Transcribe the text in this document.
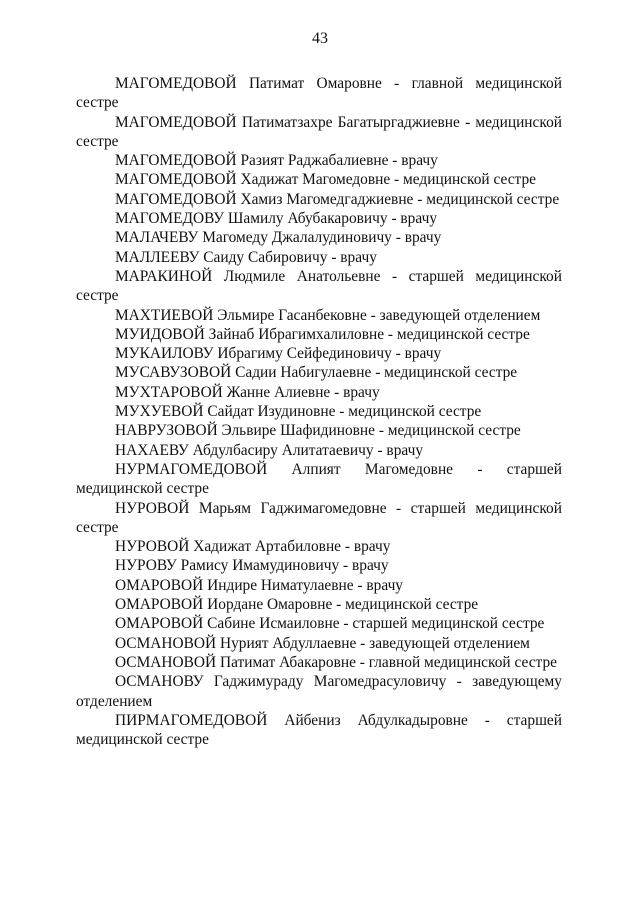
43

МАГОМЕДОВОЙ Патимат Омаровне - главной медицинской сестре

МАГОМЕДОВОЙ Патиматзахре Багатыргаджиевне - медицинской сестре

МАГОМЕДОВОЙ Разият Раджабалиевне - врачу

МАГОМЕДОВОЙ Хадижат Магомедовне - медицинской сестре

МАГОМЕДОВОЙ Хамиз Магомедгаджиевне - медицинской сестре

МАГОМЕДОВУ Шамилу Абубакаровичу - врачу

МАЛАЧЕВУ Магомеду Джалалудиновичу - врачу

МАЛЛЕЕВУ Саиду Сабировичу - врачу

МАРАКИНОЙ Людмиле Анатольевне - старшей медицинской сестре

МАХТИЕВОЙ Эльмире Гасанбековне - заведующей отделением

МУИДОВОЙ Зайнаб Ибрагимхалиловне - медицинской сестре

МУКАИЛОВУ Ибрагиму Сейфединовичу - врачу

МУСАВУЗОВОЙ Садии Набигулаевне - медицинской сестре

МУХТАРОВОЙ Жанне Алиевне - врачу

МУХУЕВОЙ Сайдат Изудиновне - медицинской сестре

НАВРУЗОВОЙ Эльвире Шафидиновне - медицинской сестре

НАХАЕВУ Абдулбасиру Алитатаевичу - врачу

НУРМАГОМЕДОВОЙ Алпият Магомедовне - старшей медицинской сестре

НУРОВОЙ Марьям Гаджимагомедовне - старшей медицинской сестре

НУРОВОЙ Хадижат Артабиловне - врачу

НУРОВУ Рамису Имамудиновичу - врачу

ОМАРОВОЙ Индире Ниматулаевне - врачу

ОМАРОВОЙ Иордане Омаровне - медицинской сестре

ОМАРОВОЙ Сабине Исмаиловне - старшей медицинской сестре

ОСМАНОВОЙ Нурият Абдуллаевне - заведующей отделением

ОСМАНОВОЙ Патимат Абакаровне - главной медицинской сестре

ОСМАНОВУ Гаджимураду Магомедрасуловичу - заведующему отделением

ПИРМАГОМЕДОВОЙ Айбениз Абдулкадыровне - старшей медицинской сестре
